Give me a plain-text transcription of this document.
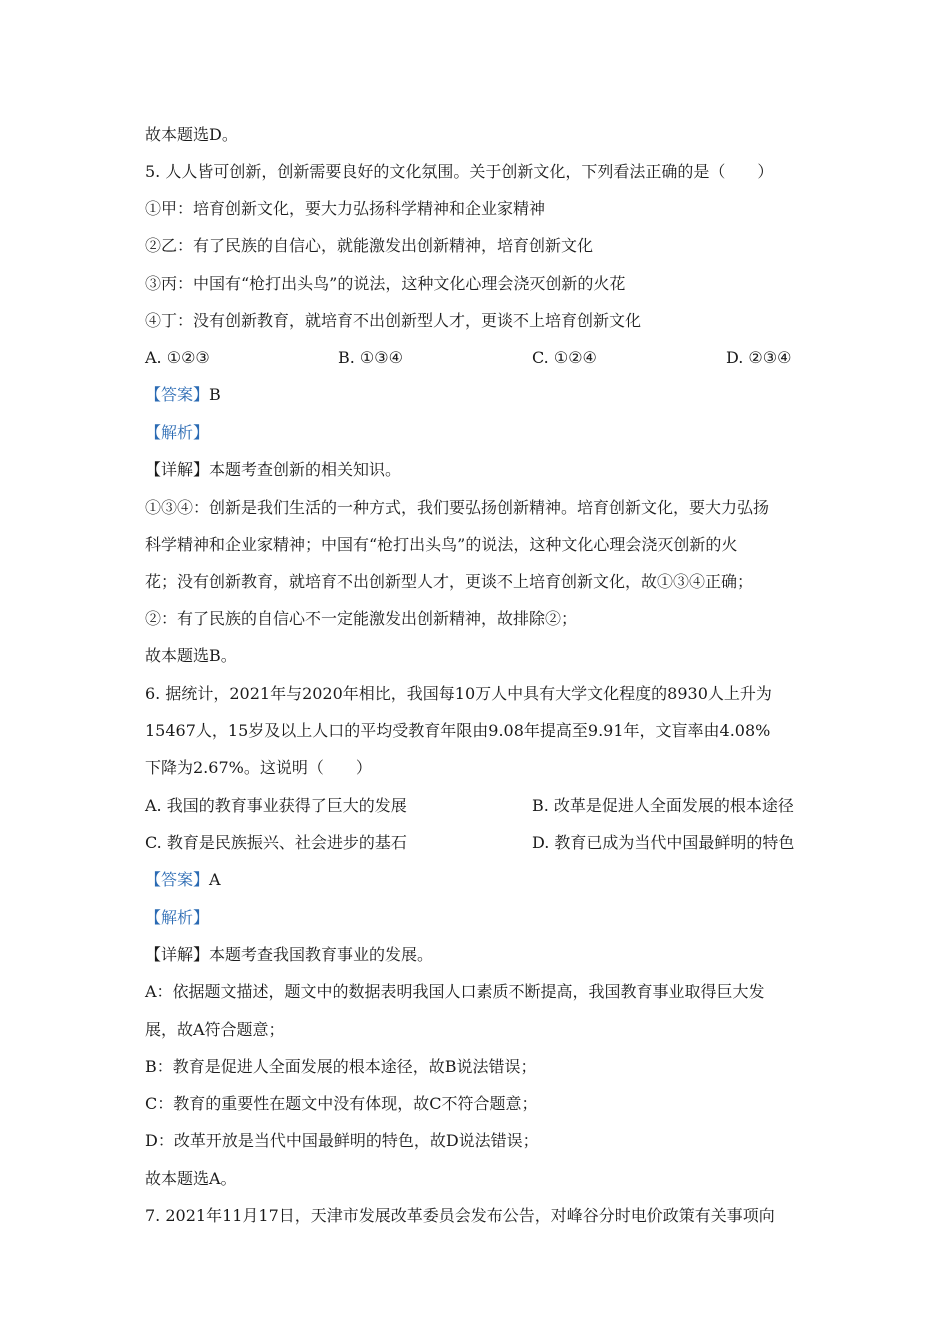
故本题选D。
5. 人人皆可创新，创新需要良好的文化氛围。关于创新文化，下列看法正确的是（　　）
①甲：培育创新文化，要大力弘扬科学精神和企业家精神
②乙：有了民族的自信心，就能激发出创新精神，培育创新文化
③丙：中国有“枪打出头鸟”的说法，这种文化心理会浇灭创新的火花
④丁：没有创新教育，就培育不出创新型人才，更谈不上培育创新文化
A. ①②③	B. ①③④	C. ①②④	D. ②③④
【答案】B
【解析】
【详解】本题考查创新的相关知识。
①③④：创新是我们生活的一种方式，我们要弘扬创新精神。培育创新文化，要大力弘扬
科学精神和企业家精神；中国有“枪打出头鸟”的说法，这种文化心理会浇灭创新的火
花；没有创新教育，就培育不出创新型人才，更谈不上培育创新文化，故①③④正确；
②：有了民族的自信心不一定能激发出创新精神，故排除②；
故本题选B。
6. 据统计，2021年与2020年相比，我国每10万人中具有大学文化程度的8930人上升为
15467人，15岁及以上人口的平均受教育年限由9.08年提高至9.91年，文盲率由4.08%
下降为2.67%。这说明（　　）
A. 我国的教育事业获得了巨大的发展	B. 改革是促进人全面发展的根本途径
C. 教育是民族振兴、社会进步的基石	D. 教育已成为当代中国最鲜明的特色
【答案】A
【解析】
【详解】本题考查我国教育事业的发展。
A：依据题文描述，题文中的数据表明我国人口素质不断提高，我国教育事业取得巨大发
展，故A符合题意；
B：教育是促进人全面发展的根本途径，故B说法错误；
C：教育的重要性在题文中没有体现，故C不符合题意；
D：改革开放是当代中国最鲜明的特色，故D说法错误；
故本题选A。
7. 2021年11月17日，天津市发展改革委员会发布公告，对峰谷分时电价政策有关事项向
